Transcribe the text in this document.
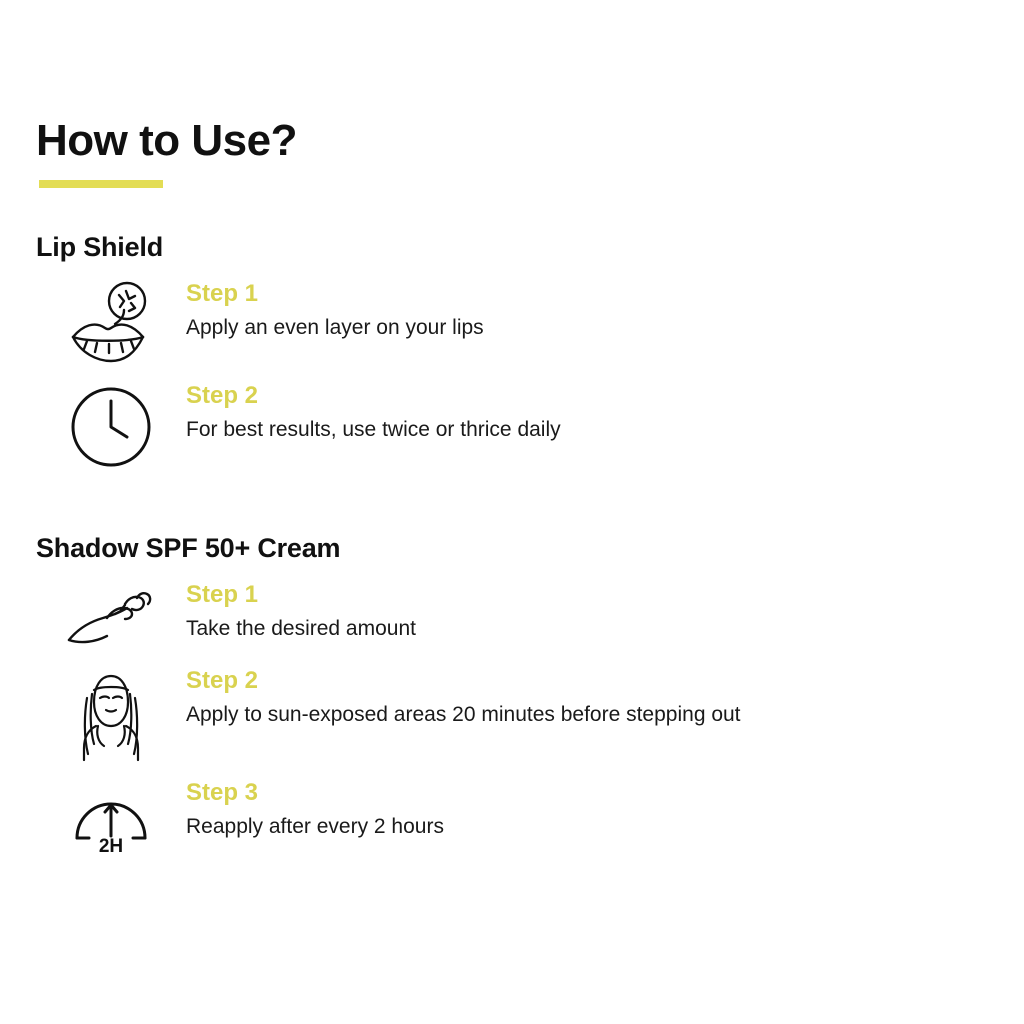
How to Use?
Lip Shield

Step 1

Apply an even layer on your lips

Step 2

For best results, use twice or thrice daily

Shadow SPF 50+ Cream

Step 1

Take the desired amount

Step 2

Apply to sun-exposed areas 20 minutes before stepping out

2H

Step 3

Reapply after every 2 hours
